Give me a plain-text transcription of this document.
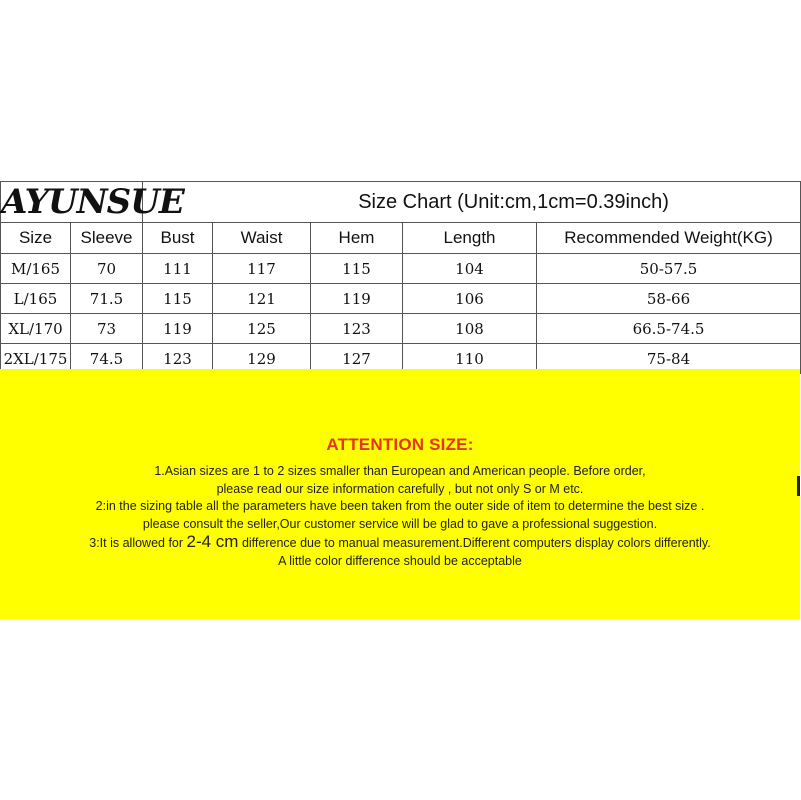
AYUNSUE		Size Chart (Unit:cm,1cm=0.39inch)				
Size	Sleeve	Bust	Waist	Hem	Length	Recommended Weight(KG)
M/165	70	111	117	115	104	50-57.5
L/165	71.5	115	121	119	106	58-66
XL/170	73	119	125	123	108	66.5-74.5
2XL/175	74.5	123	129	127	110	75-84
ATTENTION SIZE:
1.Asian sizes are 1 to 2 sizes smaller than European and American people. Before order,
please read our size information carefully , but not only S or M etc.
2:in the sizing table all the parameters have been taken from the outer side of item to determine the best size .
please consult the seller,Our customer service will be glad to gave a professional suggestion.
3:It is allowed for 2-4 cm difference due to manual measurement.Different computers display colors differently.
A little color difference should be acceptable
